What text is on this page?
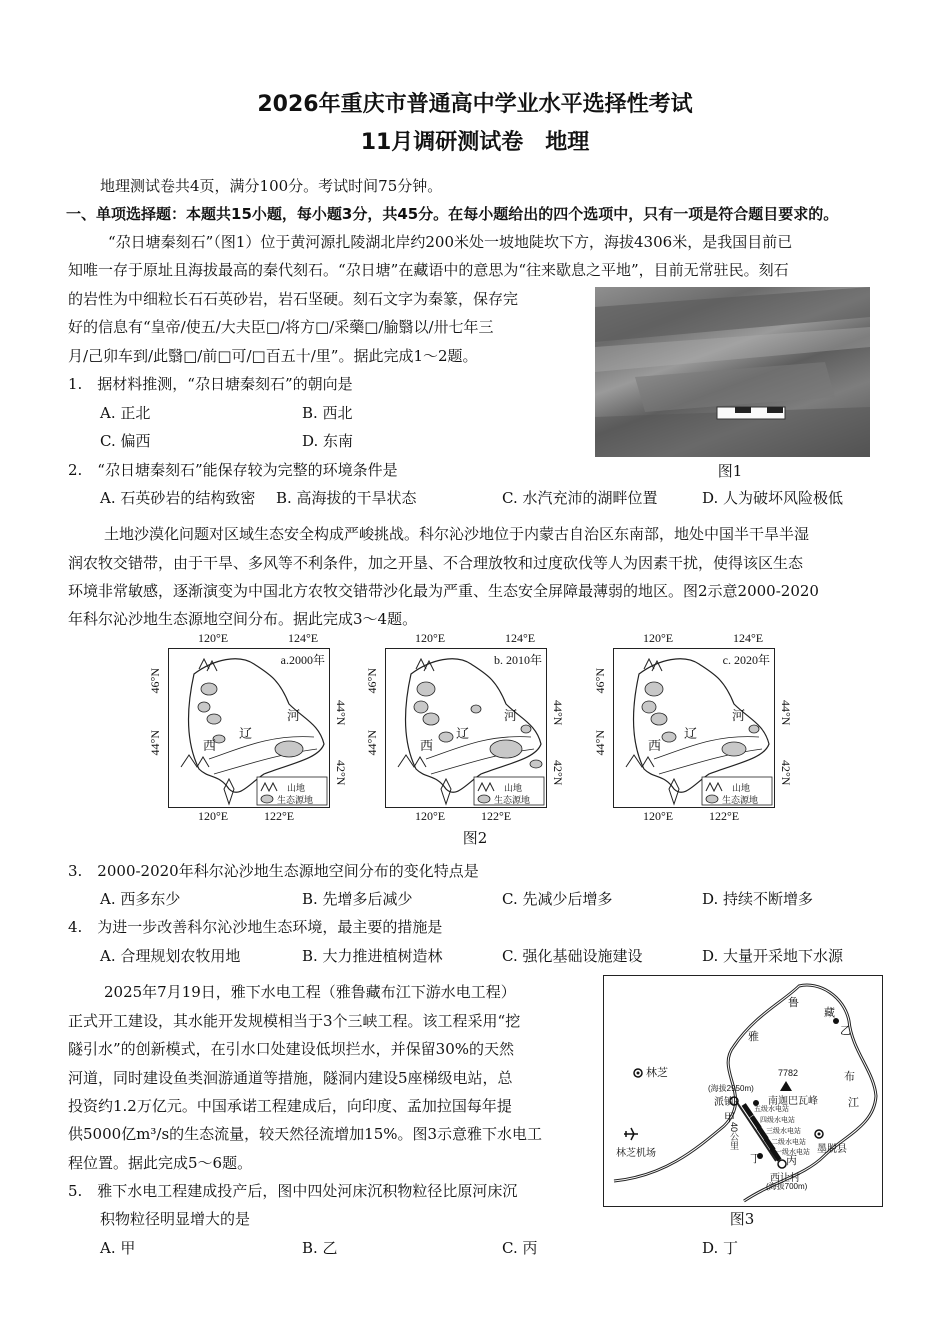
2026年重庆市普通高中学业水平选择性考试
11月调研测试卷　地理
地理测试卷共4页，满分100分。考试时间75分钟。
一、单项选择题：本题共15小题，每小题3分，共45分。在每小题给出的四个选项中，只有一项是符合题目要求的。
“尕日塘秦刻石”（图1）位于黄河源扎陵湖北岸约200米处一坡地陡坎下方，海拔4306米，是我国目前已
知唯一存于原址且海拔最高的秦代刻石。“尕日塘”在藏语中的意思为“往来歇息之平地”，目前无常驻民。刻石
的岩性为中细粒长石石英砂岩，岩石坚硬。刻石文字为秦篆，保存完
好的信息有“皇帝/使五/大夫臣□/将方□/采藥□/腧翳以/卅七年三
月/己卯车到/此翳□/前□可/□百五十/里”。据此完成1～2题。
图1
1.　据材料推测，“尕日塘秦刻石”的朝向是
A. 正北	B. 西北
C. 偏西	D. 东南
2.　“尕日塘秦刻石”能保存较为完整的环境条件是
A. 石英砂岩的结构致密 B. 高海拔的干旱状态	C. 水汽充沛的湖畔位置	D. 人为破坏风险极低
土地沙漠化问题对区域生态安全构成严峻挑战。科尔沁沙地位于内蒙古自治区东南部，地处中国半干旱半湿
润农牧交错带，由于干旱、多风等不利条件，加之开垦、不合理放牧和过度砍伐等人为因素干扰，使得该区生态
环境非常敏感，逐渐演变为中国北方农牧交错带沙化最为严重、生态安全屏障最薄弱的地区。图2示意2000-2020
年科尔沁沙地生态源地空间分布。据此完成3～4题。
a.2000年
西
辽
河
山地
生态源地
120°E	124°E
120°E	122°E
46°N
44°N
44°N
42°N
b. 2010年
西
辽
河
山地
生态源地
120°E	124°E
120°E	122°E
46°N
44°N
44°N
42°N
c. 2020年
西
辽
河
山地
生态源地
120°E	124°E
120°E	122°E
46°N
44°N
44°N
42°N
图2
3.　2000-2020年科尔沁沙地生态源地空间分布的变化特点是
A. 西多东少	B. 先增多后减少	C. 先减少后增多	D. 持续不断增多
4.　为进一步改善科尔沁沙地生态环境，最主要的措施是
A. 合理规划农牧用地	B. 大力推进植树造林	C. 强化基础设施建设	D. 大量开采地下水源
2025年7月19日，雅下水电工程（雅鲁藏布江下游水电工程）
正式开工建设，其水能开发规模相当于3个三峡工程。该工程采用“挖
隧引水”的创新模式，在引水口处建设低坝拦水，并保留30%的天然
河道，同时建设鱼类洄游通道等措施，隧洞内建设5座梯级电站，总
投资约1.2万亿元。中国承诺工程建成后，向印度、孟加拉国每年提
供5000亿m³/s的生态流量，较天然径流增加15%。图3示意雅下水电工
程位置。据此完成5～6题。
5.　雅下水电工程建成投产后，图中四处河床沉积物粒径比原河床沉
积物粒径明显增大的是
A. 甲	B. 乙	C. 丙	D. 丁
林芝
林芝机场
(海拔2950m)
派镇
7782
南迦巴瓦峰
墨脱县
西让村
(海拔700m)
雅
鲁
藏
布
江
乙
甲
丙
丁
40公里
五级水电站
四级水电站
三级水电站
二级水电站
一级水电站
图3
